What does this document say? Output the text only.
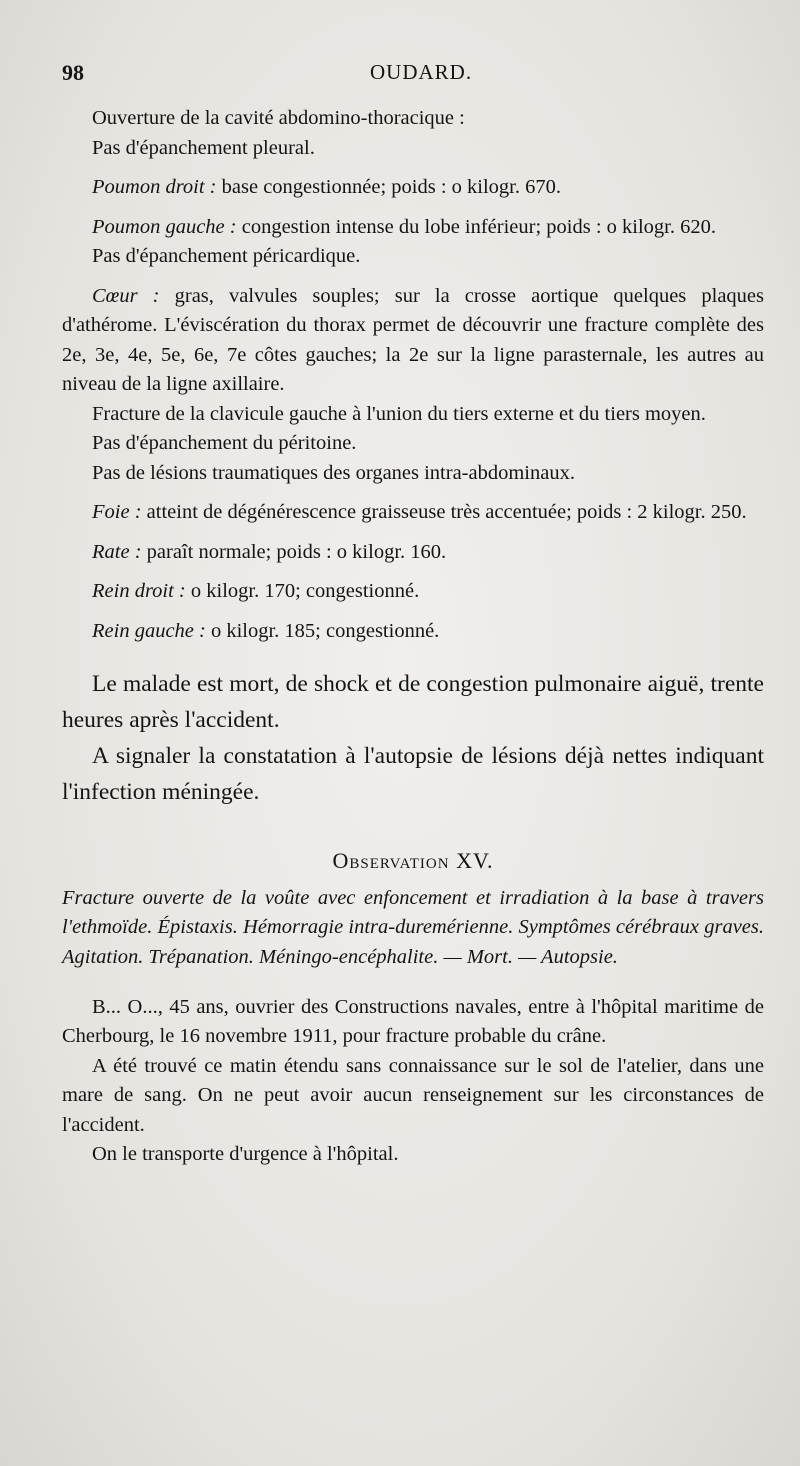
98	OUDARD.

Ouverture de la cavité abdomino-thoracique :

Pas d'épanchement pleural.

Poumon droit : base congestionnée; poids : o kilogr. 670.

Poumon gauche : congestion intense du lobe inférieur; poids : o kilogr. 620.

Pas d'épanchement péricardique.

Cœur : gras, valvules souples; sur la crosse aortique quelques plaques d'athérome. L'éviscération du thorax permet de découvrir une fracture complète des 2e, 3e, 4e, 5e, 6e, 7e côtes gauches; la 2e sur la ligne parasternale, les autres au niveau de la ligne axillaire.

Fracture de la clavicule gauche à l'union du tiers externe et du tiers moyen.

Pas d'épanchement du péritoine.

Pas de lésions traumatiques des organes intra-abdominaux.

Foie : atteint de dégénérescence graisseuse très accentuée; poids : 2 kilogr. 250.

Rate : paraît normale; poids : o kilogr. 160.

Rein droit : o kilogr. 170; congestionné.

Rein gauche : o kilogr. 185; congestionné.

Le malade est mort, de shock et de congestion pulmonaire aiguë, trente heures après l'accident.

A signaler la constatation à l'autopsie de lésions déjà nettes indiquant l'infection méningée.

Observation XV.

Fracture ouverte de la voûte avec enfoncement et irradiation à la base à travers l'ethmoïde. Épistaxis. Hémorragie intra-duremérienne. Symptômes cérébraux graves. Agitation. Trépanation. Méningo-encéphalite. — Mort. — Autopsie.

B... O..., 45 ans, ouvrier des Constructions navales, entre à l'hôpital maritime de Cherbourg, le 16 novembre 1911, pour fracture probable du crâne.

A été trouvé ce matin étendu sans connaissance sur le sol de l'atelier, dans une mare de sang. On ne peut avoir aucun renseignement sur les circonstances de l'accident.

On le transporte d'urgence à l'hôpital.
